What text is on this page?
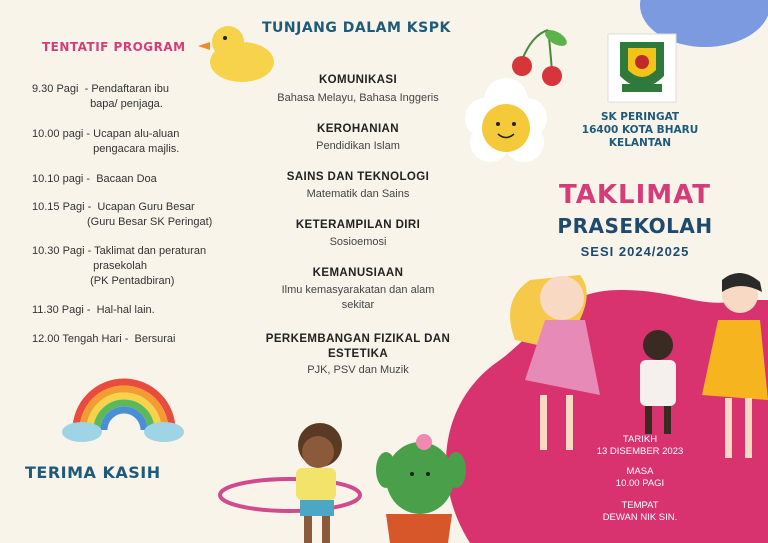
TENTATIF PROGRAM
9.30 Pagi  - Pendaftaran ibu
bapa/ penjaga.
10.00 pagi - Ucapan alu-aluan
pengacara majlis.
10.10 pagi -  Bacaan Doa
10.15 Pagi -  Ucapan Guru Besar
(Guru Besar SK Peringat)
10.30 Pagi - Taklimat dan peraturan
prasekolah
(PK Pentadbiran)
11.30 Pagi -  Hal-hal lain.
12.00 Tengah Hari -  Bersurai
TUNJANG DALAM KSPK
KOMUNIKASI
Bahasa Melayu, Bahasa Inggeris
KEROHANIAN
Pendidikan Islam
SAINS DAN TEKNOLOGI
Matematik dan Sains
KETERAMPILAN DIRI
Sosioemosi
KEMANUSIAAN
Ilmu kemasyarakatan dan alam
sekitar
PERKEMBANGAN FIZIKAL DAN
ESTETIKA
PJK, PSV dan Muzik
SK PERINGAT
16400 KOTA BHARU
KELANTAN
TAKLIMAT
PRASEKOLAH
SESI 2024/2025
TARIKH
13 DISEMBER 2023
MASA
10.00 PAGI
TEMPAT
DEWAN NIK SIN.
TERIMA KASIH
